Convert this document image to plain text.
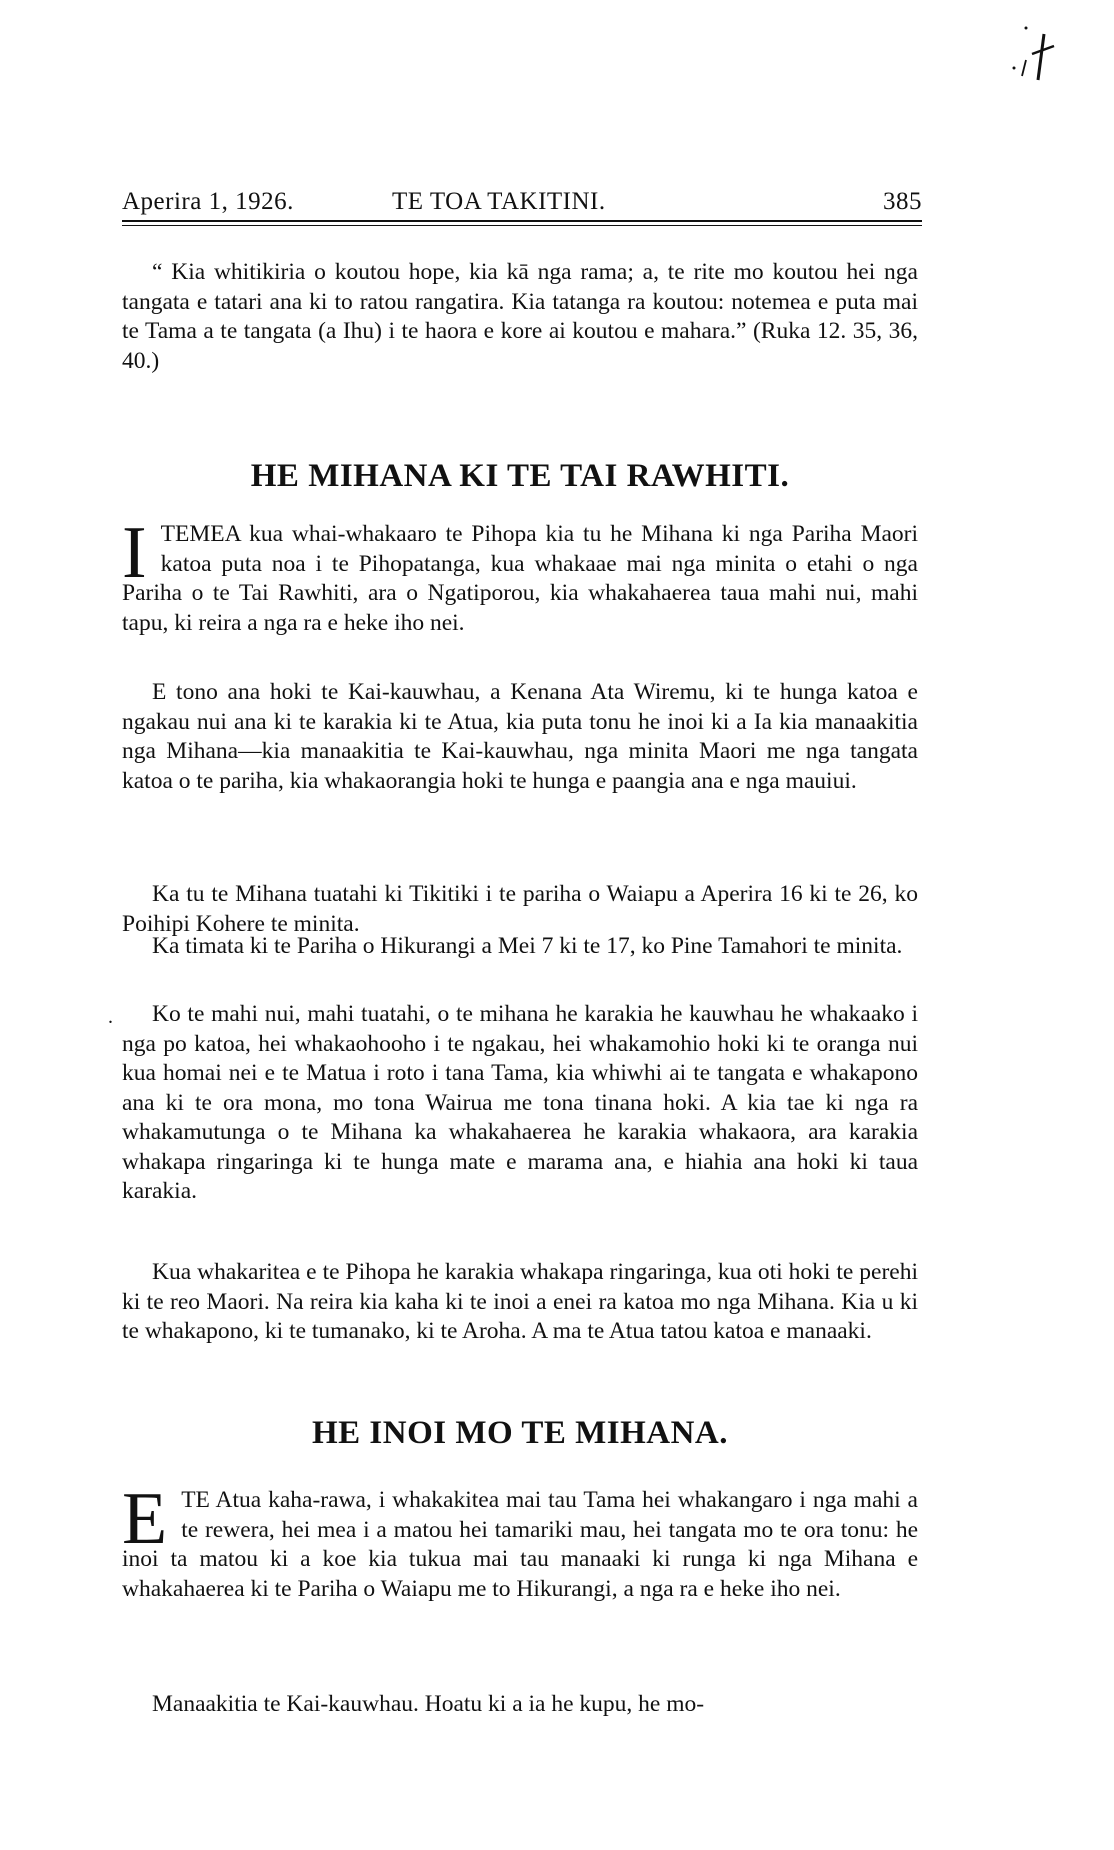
Aperira 1, 1926.	TE TOA TAKITINI.	385
“ Kia whitikiria o koutou hope, kia kā nga rama; a, te rite mo koutou hei nga tangata e tatari ana ki to ratou rangatira. Kia tatanga ra koutou: notemea e puta mai te Tama a te tangata (a Ihu) i te haora e kore ai koutou e mahara.” (Ruka 12. 35, 36, 40.)
HE MIHANA KI TE TAI RAWHITI.
ITEMEA kua whai-whakaaro te Pihopa kia tu he Mihana ki nga Pariha Maori katoa puta noa i te Pihopatanga, kua whakaae mai nga minita o etahi o nga Pariha o te Tai Rawhiti, ara o Ngatiporou, kia whakahaerea taua mahi nui, mahi tapu, ki reira a nga ra e heke iho nei.
E tono ana hoki te Kai-kauwhau, a Kenana Ata Wiremu, ki te hunga katoa e ngakau nui ana ki te karakia ki te Atua, kia puta tonu he inoi ki a Ia kia manaakitia nga Mihana—kia manaakitia te Kai-kauwhau, nga minita Maori me nga tangata katoa o te pariha, kia whakaorangia hoki te hunga e paangia ana e nga mauiui.
Ka tu te Mihana tuatahi ki Tikitiki i te pariha o Waiapu a Aperira 16 ki te 26, ko Poihipi Kohere te minita.
Ka timata ki te Pariha o Hikurangi a Mei 7 ki te 17, ko Pine Tamahori te minita.
.	Ko te mahi nui, mahi tuatahi, o te mihana he karakia he kauwhau he whakaako i nga po katoa, hei whakaohooho i te ngakau, hei whakamohio hoki ki te oranga nui kua homai nei e te Matua i roto i tana Tama, kia whiwhi ai te tangata e whakapono ana ki te ora mona, mo tona Wairua me tona tinana hoki. A kia tae ki nga ra whakamutunga o te Mihana ka whakahaerea he karakia whakaora, ara karakia whakapa ringaringa ki te hunga mate e marama ana, e hiahia ana hoki ki taua karakia.
Kua whakaritea e te Pihopa he karakia whakapa ringaringa, kua oti hoki te perehi ki te reo Maori. Na reira kia kaha ki te inoi a enei ra katoa mo nga Mihana. Kia u ki te whakapono, ki te tumanako, ki te Aroha. A ma te Atua tatou katoa e manaaki.
HE INOI MO TE MIHANA.
ETE Atua kaha-rawa, i whakakitea mai tau Tama hei whakangaro i nga mahi a te rewera, hei mea i a matou hei tamariki mau, hei tangata mo te ora tonu: he inoi ta matou ki a koe kia tukua mai tau manaaki ki runga ki nga Mihana e whakahaerea ki te Pariha o Waiapu me to Hikurangi, a nga ra e heke iho nei.
Manaakitia te Kai-kauwhau. Hoatu ki a ia he kupu, he mo-
